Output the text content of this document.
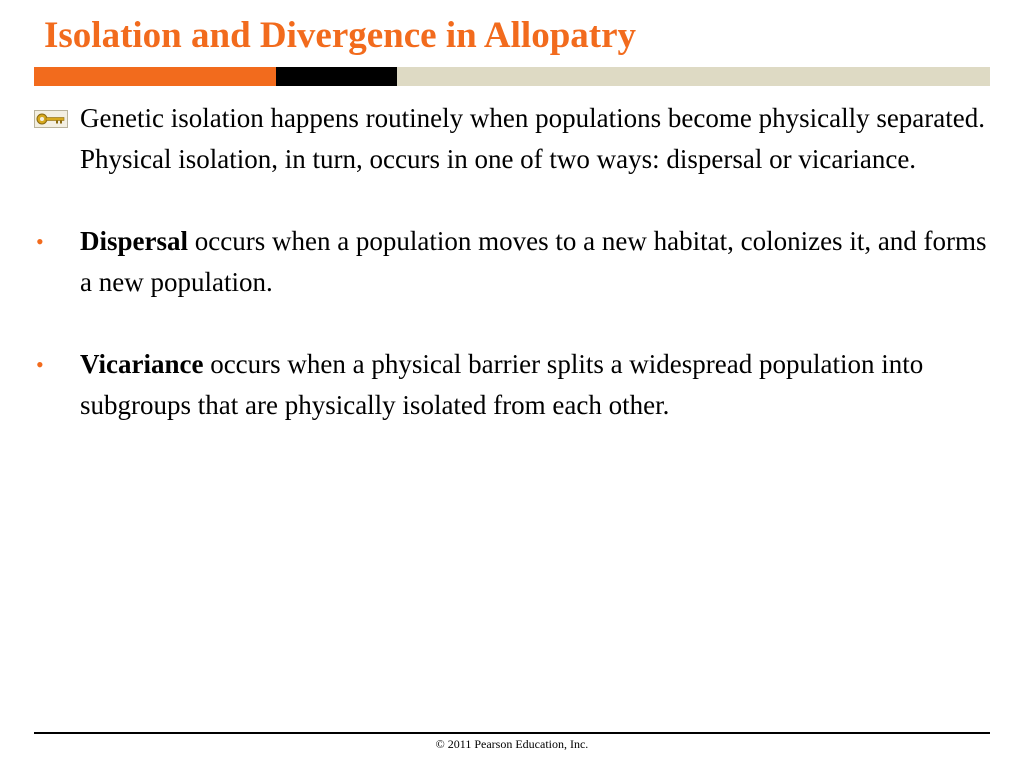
Isolation and Divergence in Allopatry
Genetic isolation happens routinely when populations become physically separated. Physical isolation, in turn, occurs in one of two ways: dispersal or vicariance.
•	Dispersal occurs when a population moves to a new habitat, colonizes it, and forms a new population.
•	Vicariance occurs when a physical barrier splits a widespread population into subgroups that are physically isolated from each other.
© 2011 Pearson Education, Inc.
